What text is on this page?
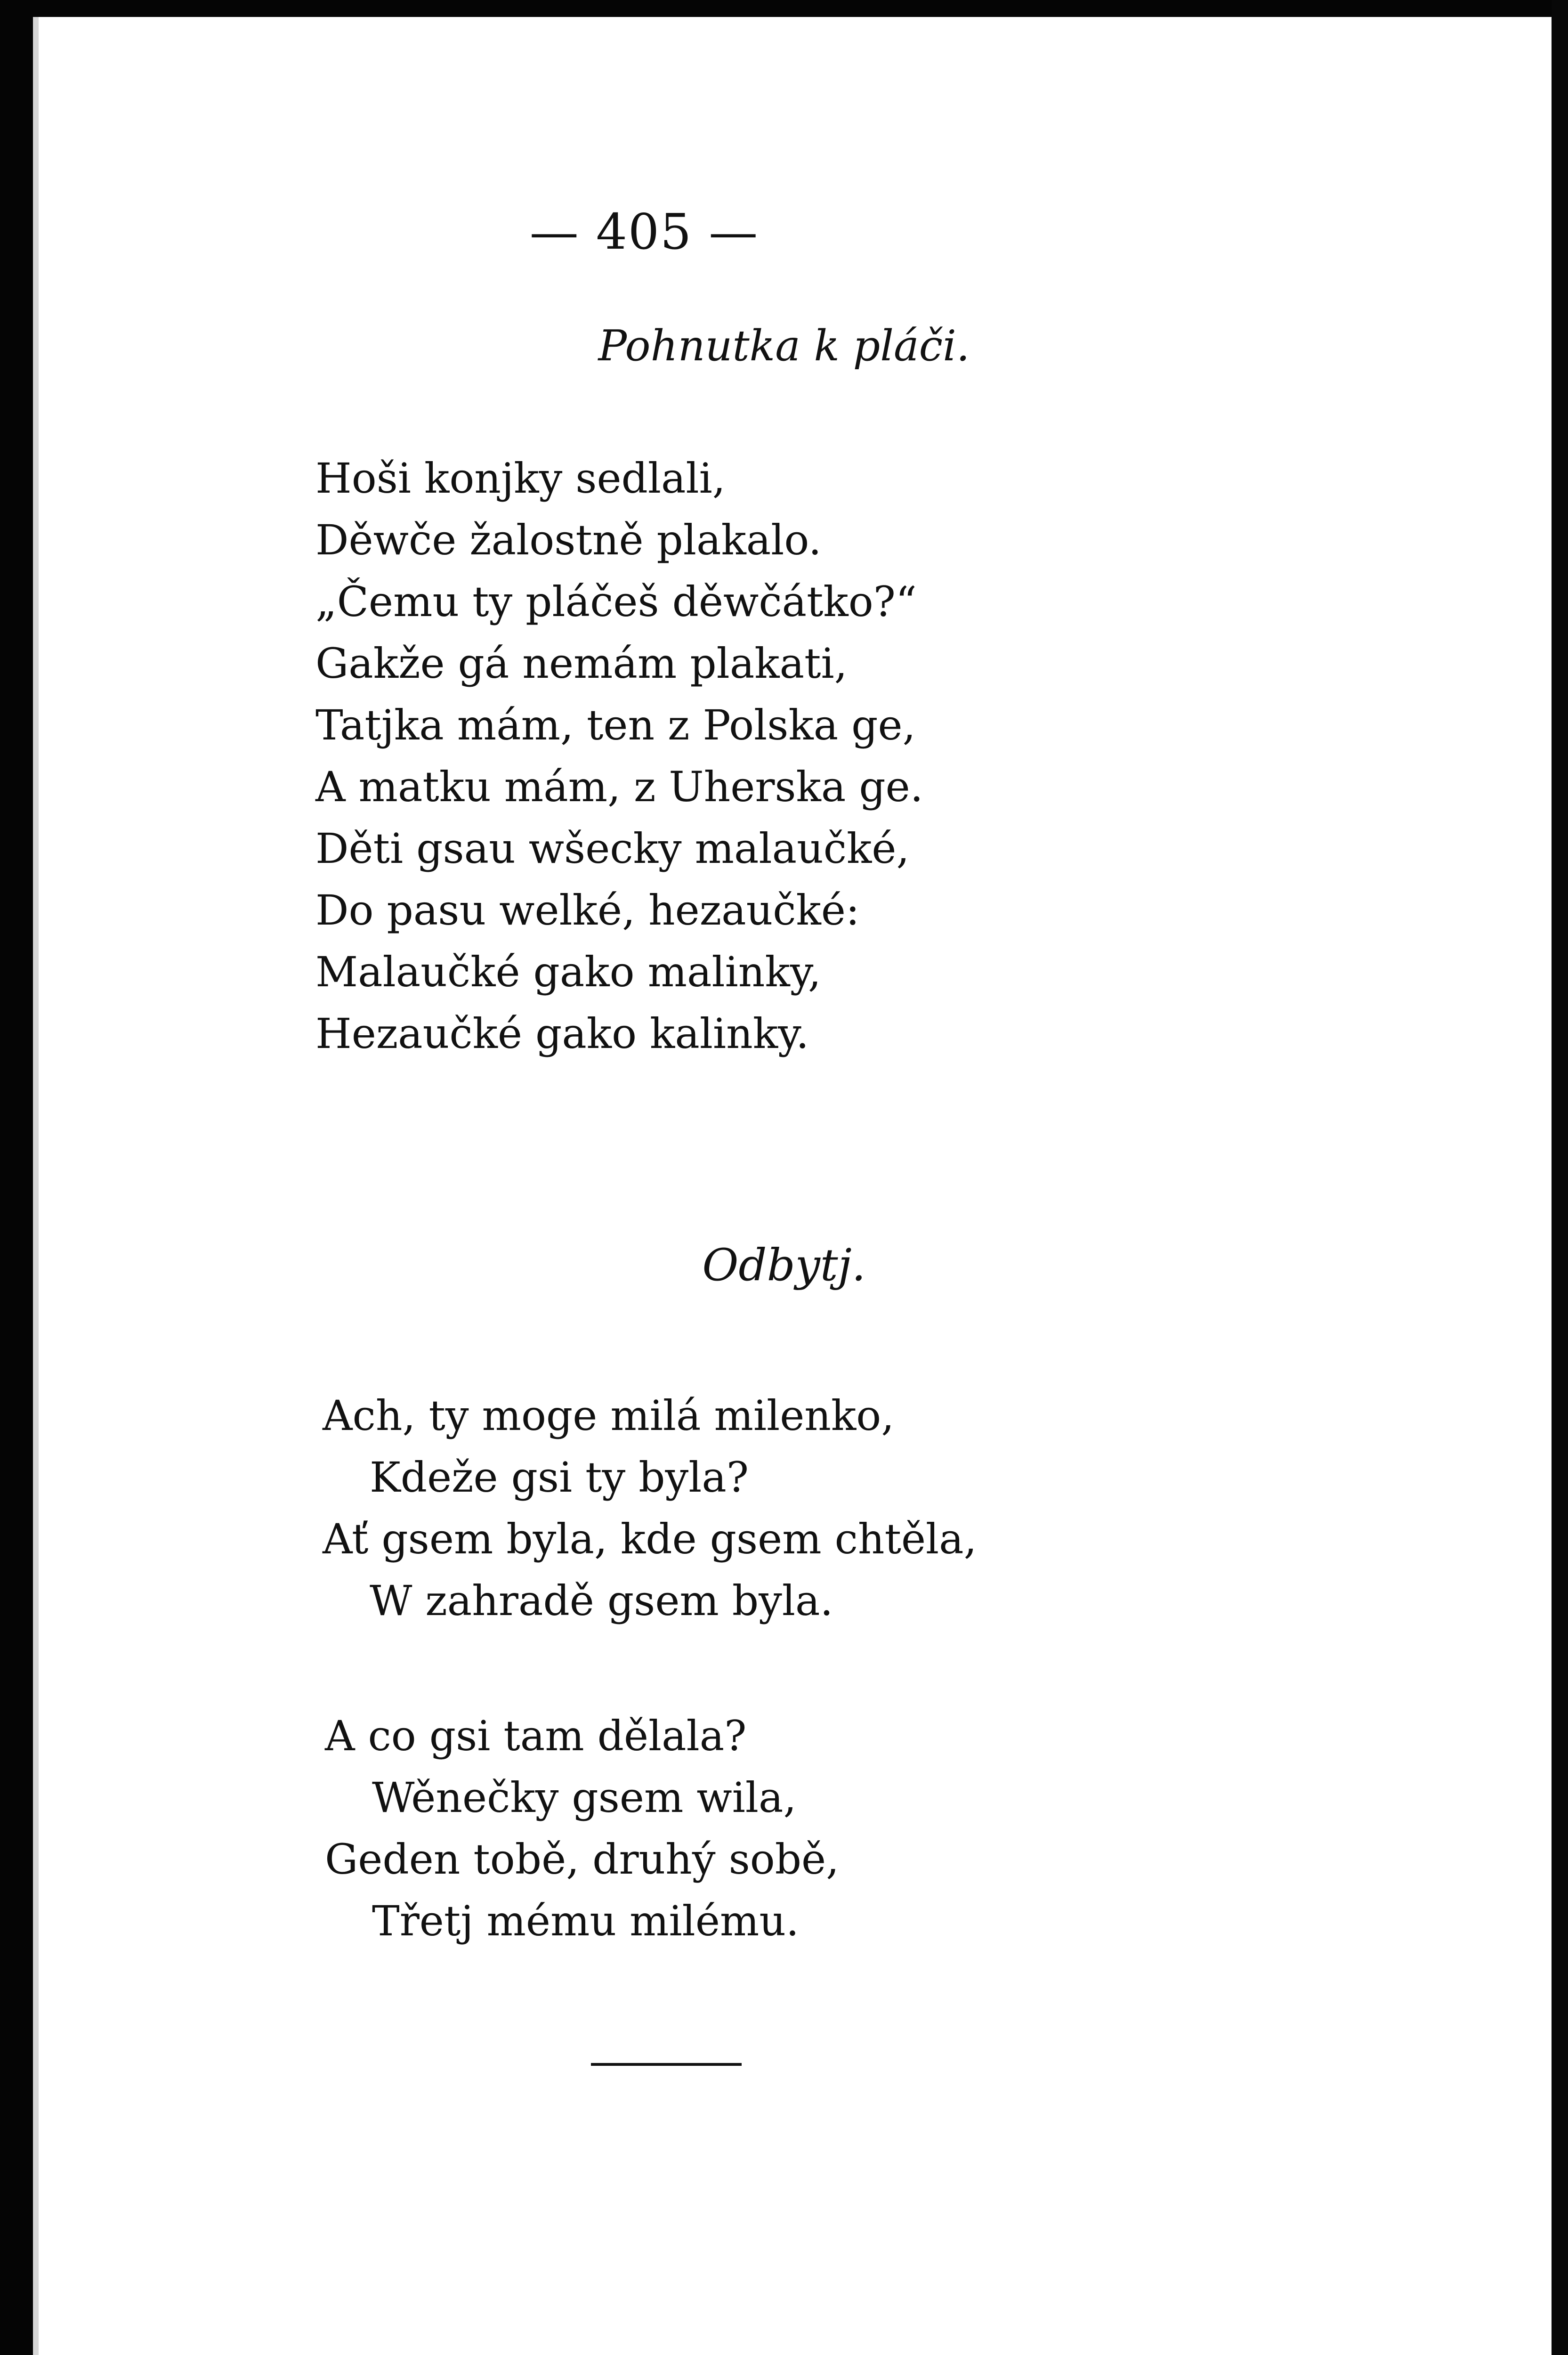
— 405 —
Pohnutka k pláči.
Hoši konjky sedlali,
Děwče žalostně plakalo.
„Čemu ty pláčeš děwčátko?“
Gakže gá nemám plakati,
Tatjka mám, ten z Polska ge,
A matku mám, z Uherska ge.
Děti gsau wšecky malaučké,
Do pasu welké, hezaučké:
Malaučké gako malinky,
Hezaučké gako kalinky.
Odbytj.
Ach, ty moge milá milenko,
Kdeže gsi ty byla?
Ať gsem byla, kde gsem chtěla,
W zahradě gsem byla.
A co gsi tam dělala?
Wěnečky gsem wila,
Geden tobě, druhý sobě,
Třetj mému milému.
